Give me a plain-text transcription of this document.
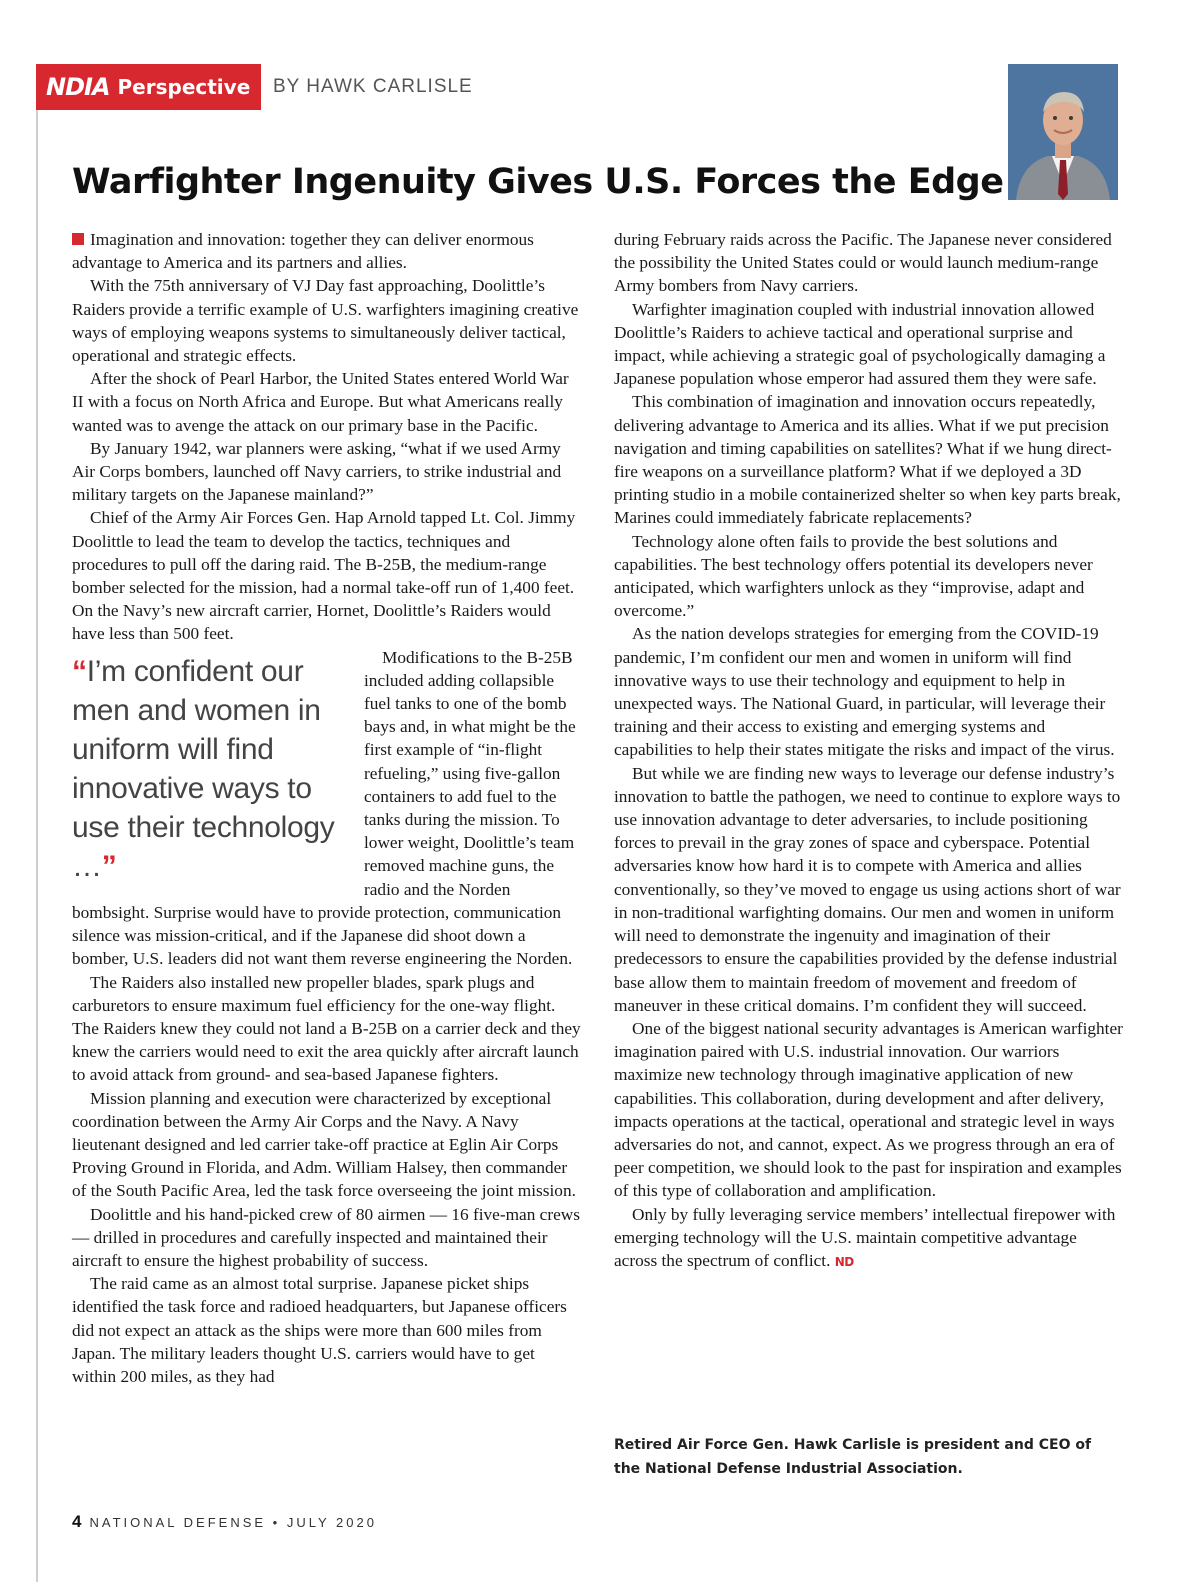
NDIA Perspective BY HAWK CARLISLE
Warfighter Ingenuity Gives U.S. Forces the Edge

Imagination and innovation: together they can deliver enormous advantage to America and its partners and allies.

With the 75th anniversary of VJ Day fast approaching, Doolittle’s Raiders provide a terrific example of U.S. warfighters imagining creative ways of employing weapons systems to simultaneously deliver tactical, operational and strategic effects.

After the shock of Pearl Harbor, the United States entered World War II with a focus on North Africa and Europe. But what Americans really wanted was to avenge the attack on our primary base in the Pacific.

By January 1942, war planners were asking, “what if we used Army Air Corps bombers, launched off Navy carriers, to strike industrial and military targets on the Japanese mainland?”

Chief of the Army Air Forces Gen. Hap Arnold tapped Lt. Col. Jimmy Doolittle to lead the team to develop the tactics, techniques and procedures to pull off the daring raid. The B-25B, the medium-range bomber selected for the mission, had a normal take-off run of 1,400 feet. On the Navy’s new aircraft carrier, Hornet, Doolittle’s Raiders would have less than 500 feet.

“I’m confident our men and women in uniform will find innovative ways to use their technology …”

Modifications to the B-25B included adding collapsible fuel tanks to one of the bomb bays and, in what might be the first example of “in-flight refueling,” using five-gallon containers to add fuel to the tanks during the mission. To lower weight, Doolittle’s team removed machine guns, the radio and the Norden bombsight. Surprise would have to provide protection, communication silence was mission-critical, and if the Japanese did shoot down a bomber, U.S. leaders did not want them reverse engineering the Norden.

The Raiders also installed new propeller blades, spark plugs and carburetors to ensure maximum fuel efficiency for the one-way flight. The Raiders knew they could not land a B-25B on a carrier deck and they knew the carriers would need to exit the area quickly after aircraft launch to avoid attack from ground- and sea-based Japanese fighters.

Mission planning and execution were characterized by exceptional coordination between the Army Air Corps and the Navy. A Navy lieutenant designed and led carrier take-off practice at Eglin Air Corps Proving Ground in Florida, and Adm. William Halsey, then commander of the South Pacific Area, led the task force overseeing the joint mission.

Doolittle and his hand-picked crew of 80 airmen — 16 five-man crews — drilled in procedures and carefully inspected and maintained their aircraft to ensure the highest probability of success.

The raid came as an almost total surprise. Japanese picket ships identified the task force and radioed headquarters, but Japanese officers did not expect an attack as the ships were more than 600 miles from Japan. The military leaders thought U.S. carriers would have to get within 200 miles, as they had

during February raids across the Pacific. The Japanese never considered the possibility the United States could or would launch medium-range Army bombers from Navy carriers.

Warfighter imagination coupled with industrial innovation allowed Doolittle’s Raiders to achieve tactical and operational surprise and impact, while achieving a strategic goal of psychologically damaging a Japanese population whose emperor had assured them they were safe.

This combination of imagination and innovation occurs repeatedly, delivering advantage to America and its allies. What if we put precision navigation and timing capabilities on satellites? What if we hung direct-fire weapons on a surveillance platform? What if we deployed a 3D printing studio in a mobile containerized shelter so when key parts break, Marines could immediately fabricate replacements?

Technology alone often fails to provide the best solutions and capabilities. The best technology offers potential its developers never anticipated, which warfighters unlock as they “improvise, adapt and overcome.”

As the nation develops strategies for emerging from the COVID-19 pandemic, I’m confident our men and women in uniform will find innovative ways to use their technology and equipment to help in unexpected ways. The National Guard, in particular, will leverage their training and their access to existing and emerging systems and capabilities to help their states mitigate the risks and impact of the virus.

But while we are finding new ways to leverage our defense industry’s innovation to battle the pathogen, we need to continue to explore ways to use innovation advantage to deter adversaries, to include positioning forces to prevail in the gray zones of space and cyberspace. Potential adversaries know how hard it is to compete with America and allies conventionally, so they’ve moved to engage us using actions short of war in non-traditional warfighting domains. Our men and women in uniform will need to demonstrate the ingenuity and imagination of their predecessors to ensure the capabilities provided by the defense industrial base allow them to maintain freedom of movement and freedom of maneuver in these critical domains. I’m confident they will succeed.

One of the biggest national security advantages is American warfighter imagination paired with U.S. industrial innovation. Our warriors maximize new technology through imaginative application of new capabilities. This collaboration, during development and after delivery, impacts operations at the tactical, operational and strategic level in ways adversaries do not, and cannot, expect. As we progress through an era of peer competition, we should look to the past for inspiration and examples of this type of collaboration and amplification.

Only by fully leveraging service members’ intellectual firepower with emerging technology will the U.S. maintain competitive advantage across the spectrum of conflict. ND

Retired Air Force Gen. Hawk Carlisle is president and CEO of the National Defense Industrial Association.
4 NATIONAL DEFENSE • JULY 2020
